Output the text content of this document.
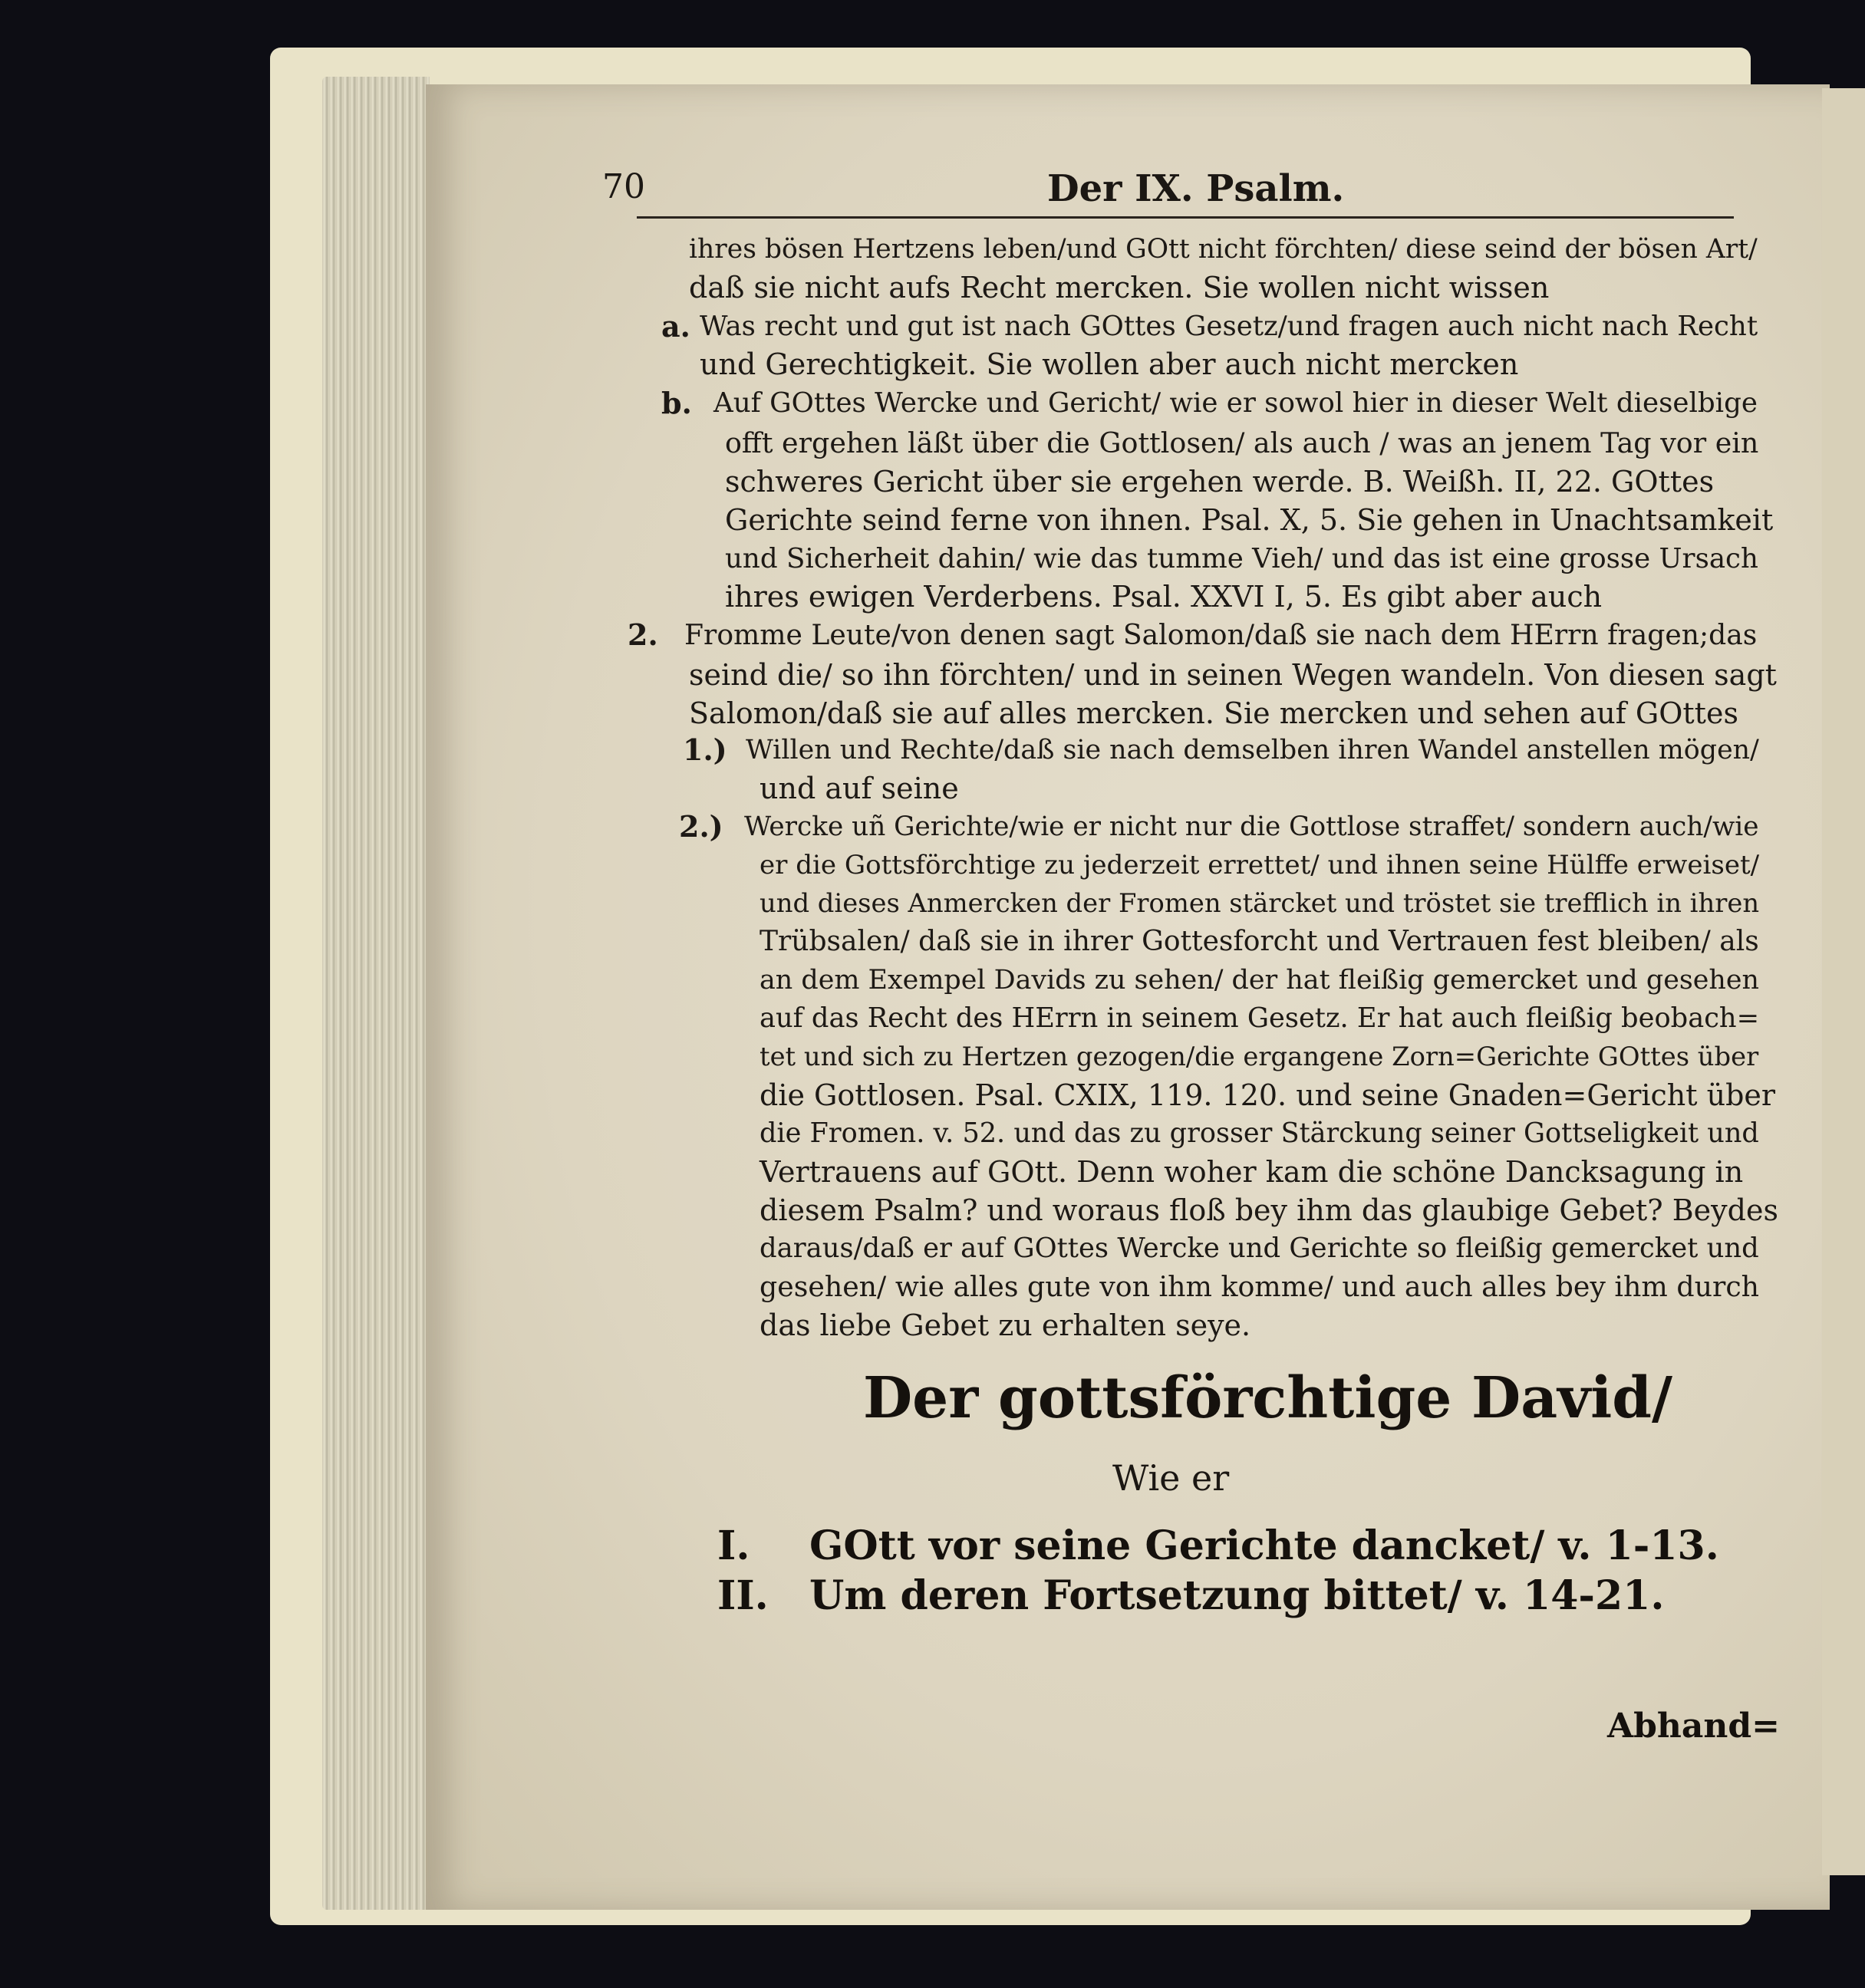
70	Der IX. Psalm.
ihres bösen Hertzens leben/und GOtt nicht förchten/ diese seind der bösen Art/
daß sie nicht aufs Recht mercken. Sie wollen nicht wissen
a. Was recht und gut ist nach GOttes Gesetz/und fragen auch nicht nach Recht
und Gerechtigkeit. Sie wollen aber auch nicht mercken
b. Auf GOttes Wercke und Gericht/ wie er sowol hier in dieser Welt dieselbige
offt ergehen läßt über die Gottlosen/ als auch / was an jenem Tag vor ein
schweres Gericht über sie ergehen werde. B. Weißh. II, 22. GOttes
Gerichte seind ferne von ihnen. Psal. X, 5. Sie gehen in Unachtsamkeit
und Sicherheit dahin/ wie das tumme Vieh/ und das ist eine grosse Ursach
ihres ewigen Verderbens. Psal. XXVI I, 5. Es gibt aber auch
2. Fromme Leute/von denen sagt Salomon/daß sie nach dem HErrn fragen;das
seind die/ so ihn förchten/ und in seinen Wegen wandeln. Von diesen sagt
Salomon/daß sie auf alles mercken. Sie mercken und sehen auf GOttes
1.) Willen und Rechte/daß sie nach demselben ihren Wandel anstellen mögen/
und auf seine
2.) Wercke uñ Gerichte/wie er nicht nur die Gottlose straffet/ sondern auch/wie
er die Gottsförchtige zu jederzeit errettet/ und ihnen seine Hülffe erweiset/
und dieses Anmercken der Fromen stärcket und tröstet sie trefflich in ihren
Trübsalen/ daß sie in ihrer Gottesforcht und Vertrauen fest bleiben/ als
an dem Exempel Davids zu sehen/ der hat fleißig gemercket und gesehen
auf das Recht des HErrn in seinem Gesetz. Er hat auch fleißig beobach=
tet und sich zu Hertzen gezogen/die ergangene Zorn=Gerichte GOttes über
die Gottlosen. Psal. CXIX, 119. 120. und seine Gnaden=Gericht über
die Fromen. v. 52. und das zu grosser Stärckung seiner Gottseligkeit und
Vertrauens auf GOtt. Denn woher kam die schöne Dancksagung in
diesem Psalm? und woraus floß bey ihm das glaubige Gebet? Beydes
daraus/daß er auf GOttes Wercke und Gerichte so fleißig gemercket und
gesehen/ wie alles gute von ihm komme/ und auch alles bey ihm durch
das liebe Gebet zu erhalten seye.
Der gottsförchtige David/
Wie er
I. GOtt vor seine Gerichte dancket/ v. 1-13.
II. Um deren Fortsetzung bittet/ v. 14-21.
Abhand=
